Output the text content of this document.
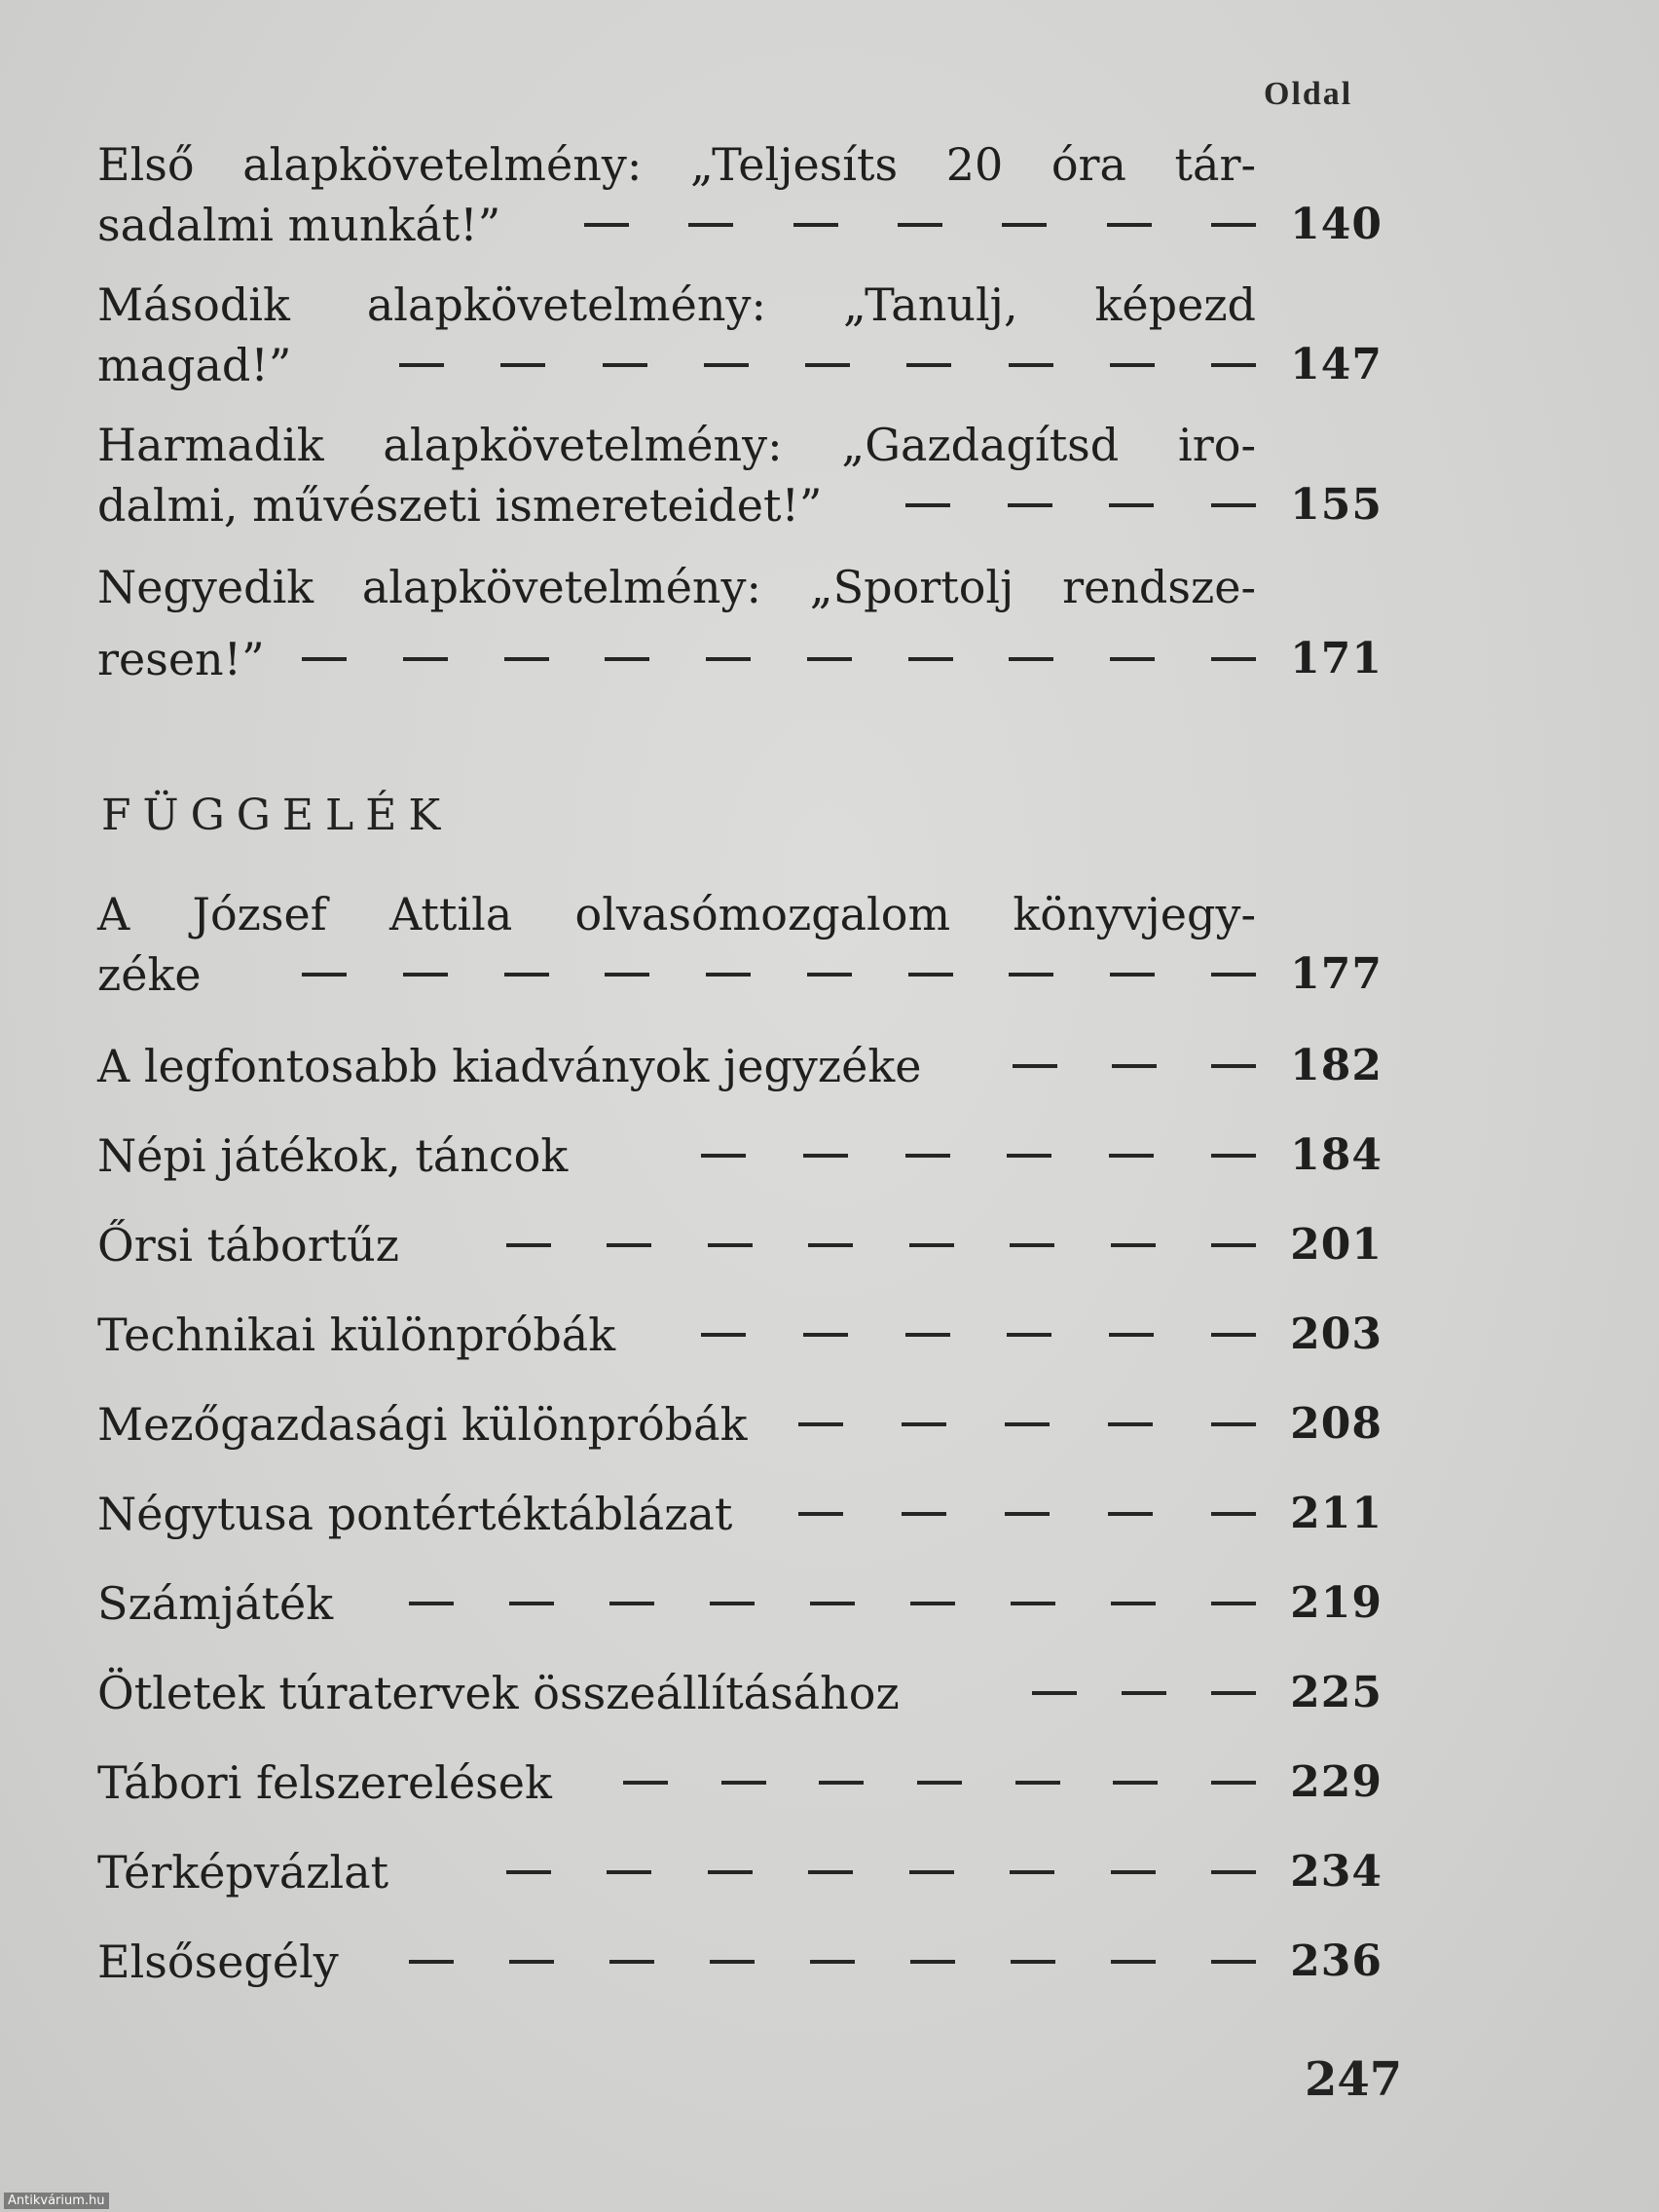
Oldal
Első alapkövetelmény: „Teljesíts 20 óra tár-
sadalmi munkát!”	140
Második alapkövetelmény: „Tanulj, képezd
magad!”	147
Harmadik alapkövetelmény: „Gazdagítsd iro-
dalmi, művészeti ismereteidet!”	155
Negyedik alapkövetelmény: „Sportolj rendsze-
resen!”	171
FÜGGELÉK
A József Attila olvasómozgalom könyvjegy-
zéke	177
A legfontosabb kiadványok jegyzéke	182
Népi játékok, táncok	184
Őrsi tábortűz	201
Technikai különpróbák	203
Mezőgazdasági különpróbák	208
Négytusa pontértéktáblázat	211
Számjáték	219
Ötletek túratervek összeállításához	225
Tábori felszerelések	229
Térképvázlat	234
Elsősegély	236
247
Antikvárium.hu
